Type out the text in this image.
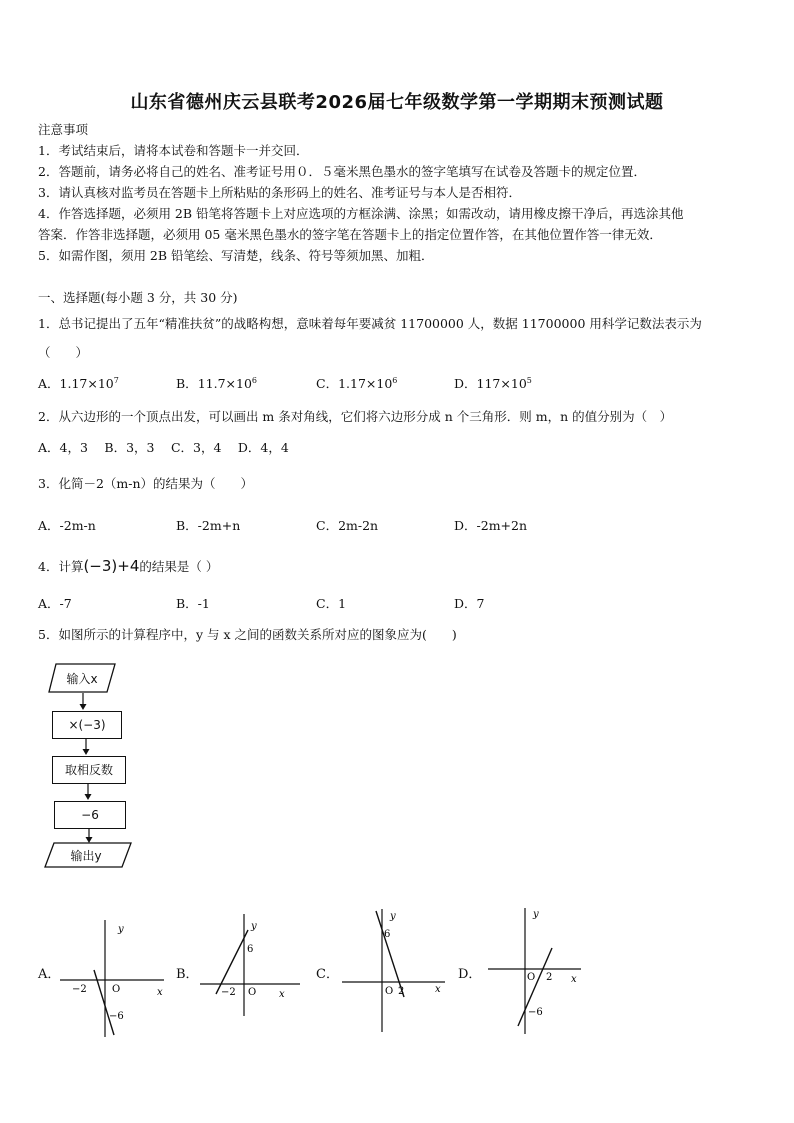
山东省德州庆云县联考2026届七年级数学第一学期期末预测试题
注意事项
1．考试结束后，请将本试卷和答题卡一并交回．
2．答题前，请务必将自己的姓名、准考证号用０．５毫米黑色墨水的签字笔填写在试卷及答题卡的规定位置．
3．请认真核对监考员在答题卡上所粘贴的条形码上的姓名、准考证号与本人是否相符．
4．作答选择题，必须用 2B 铅笔将答题卡上对应选项的方框涂满、涂黑；如需改动，请用橡皮擦干净后，再选涂其他
答案．作答非选择题，必须用 05 毫米黑色墨水的签字笔在答题卡上的指定位置作答，在其他位置作答一律无效．
5．如需作图，须用 2B 铅笔绘、写清楚，线条、符号等须加黑、加粗．
一、选择题(每小题 3 分，共 30 分)
1．总书记提出了五年“精准扶贫”的战略构想，意味着每年要减贫 11700000 人，数据 11700000 用科学记数法表示为
（　　）
A．$1.17\times 10^7$	B．$11.7\times 10^6$	C．$1.17\times 10^6$	D．$117\times 10^5$
2．从六边形的一个顶点出发，可以画出 m 条对角线，它们将六边形分成 n 个三角形．则 m，n 的值分别为（　）
A．4，3　 B．3，3　 C．3，4　 D．4，4
3．化简－2（m-n）的结果为（　　）
A．-2m-n	B．-2m+n	C．2m-2n	D．-2m+2n
4．计算(−3)+4的结果是（ ）
A．-7	B．-1	C．1	D．7
5．如图所示的计算程序中，y 与 x 之间的函数关系所对应的图象应为(　　)
输入x
×(−3)
取相反数
−6
输出y
A．	B．	C．	D．
y
x
O
−2
−6
y
x
O
−2
6
y
x
O 2
6
y
x
O 2
−6
